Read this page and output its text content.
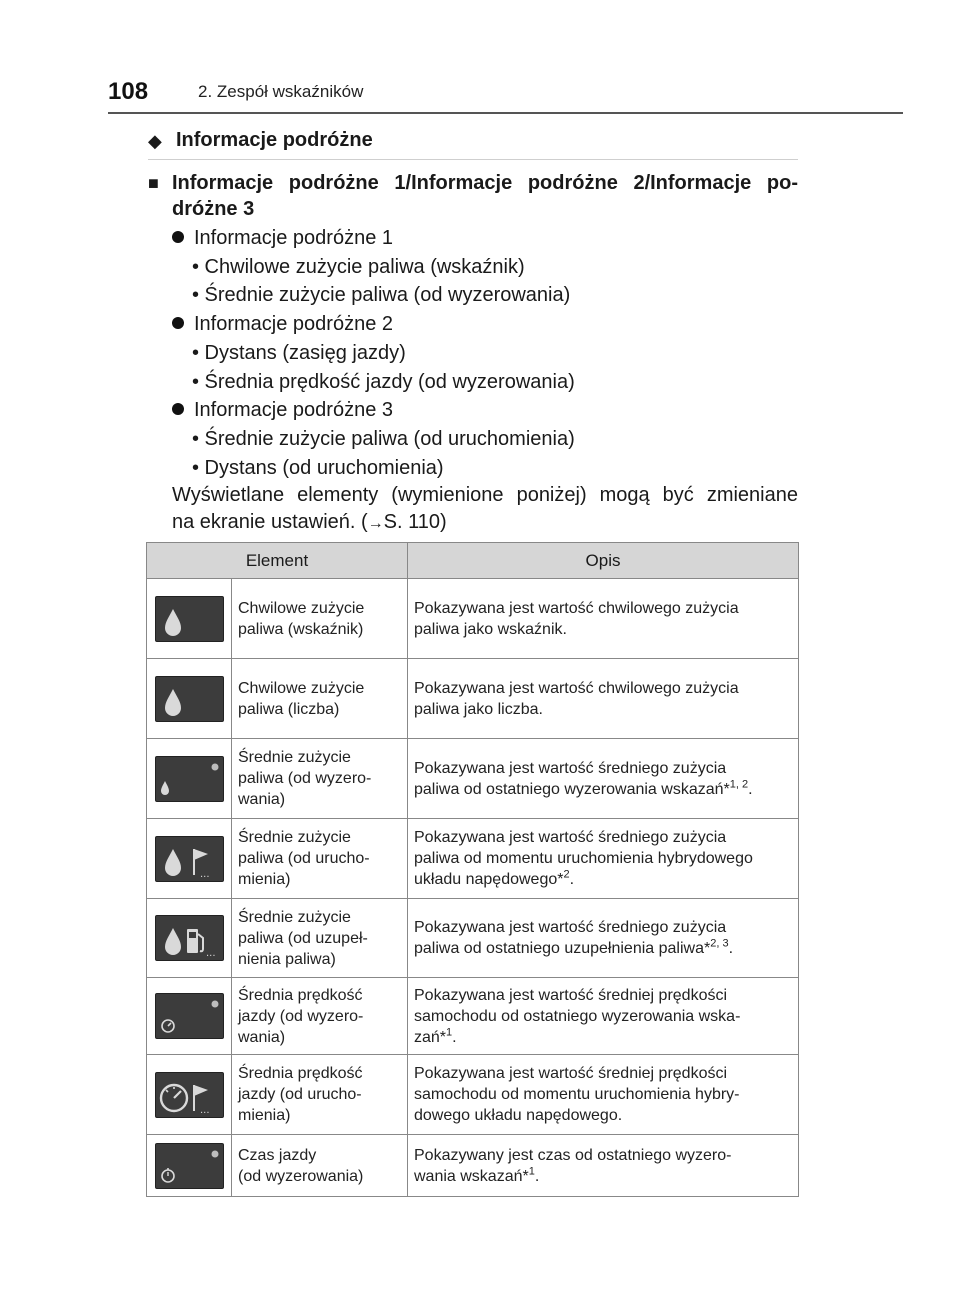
108	2. Zespół wskaźników
◆ Informacje podróżne
■ Informacje podróżne 1/Informacje podróżne 2/Informacje po-
dróżne 3
Informacje podróżne 1
• Chwilowe zużycie paliwa (wskaźnik)
• Średnie zużycie paliwa (od wyzerowania)
Informacje podróżne 2
• Dystans (zasięg jazdy)
• Średnia prędkość jazdy (od wyzerowania)
Informacje podróżne 3
• Średnie zużycie paliwa (od uruchomienia)
• Dystans (od uruchomienia)
Wyświetlane elementy (wymienione poniżej) mogą być zmieniane
na ekranie ustawień. (→S. 110)
Element		Opis

Chwilowe zużycie
paliwa (wskaźnik)	Pokazywana jest wartość chwilowego zużycia
paliwa jako wskaźnik.

Chwilowe zużycie
paliwa (liczba)	Pokazywana jest wartość chwilowego zużycia
paliwa jako liczba.

Średnie zużycie
paliwa (od wyzero-
wania)	Pokazywana jest wartość średniego zużycia
paliwa od ostatniego wyzerowania wskazań*$^{1, 2}$.

...	Średnie zużycie
paliwa (od urucho-
mienia)	Pokazywana jest wartość średniego zużycia
paliwa od momentu uruchomienia hybrydowego
układu napędowego*$^2$.

...	Średnie zużycie
paliwa (od uzupeł-
nienia paliwa)	Pokazywana jest wartość średniego zużycia
paliwa od ostatniego uzupełnienia paliwa*$^{2, 3}$.

Średnia prędkość
jazdy (od wyzero-
wania)	Pokazywana jest wartość średniej prędkości
samochodu od ostatniego wyzerowania wska-
zań*$^1$.

...	Średnia prędkość
jazdy (od urucho-
mienia)	Pokazywana jest wartość średniej prędkości
samochodu od momentu uruchomienia hybry-
dowego układu napędowego.

Czas jazdy
(od wyzerowania)	Pokazywany jest czas od ostatniego wyzero-
wania wskazań*$^1$.
